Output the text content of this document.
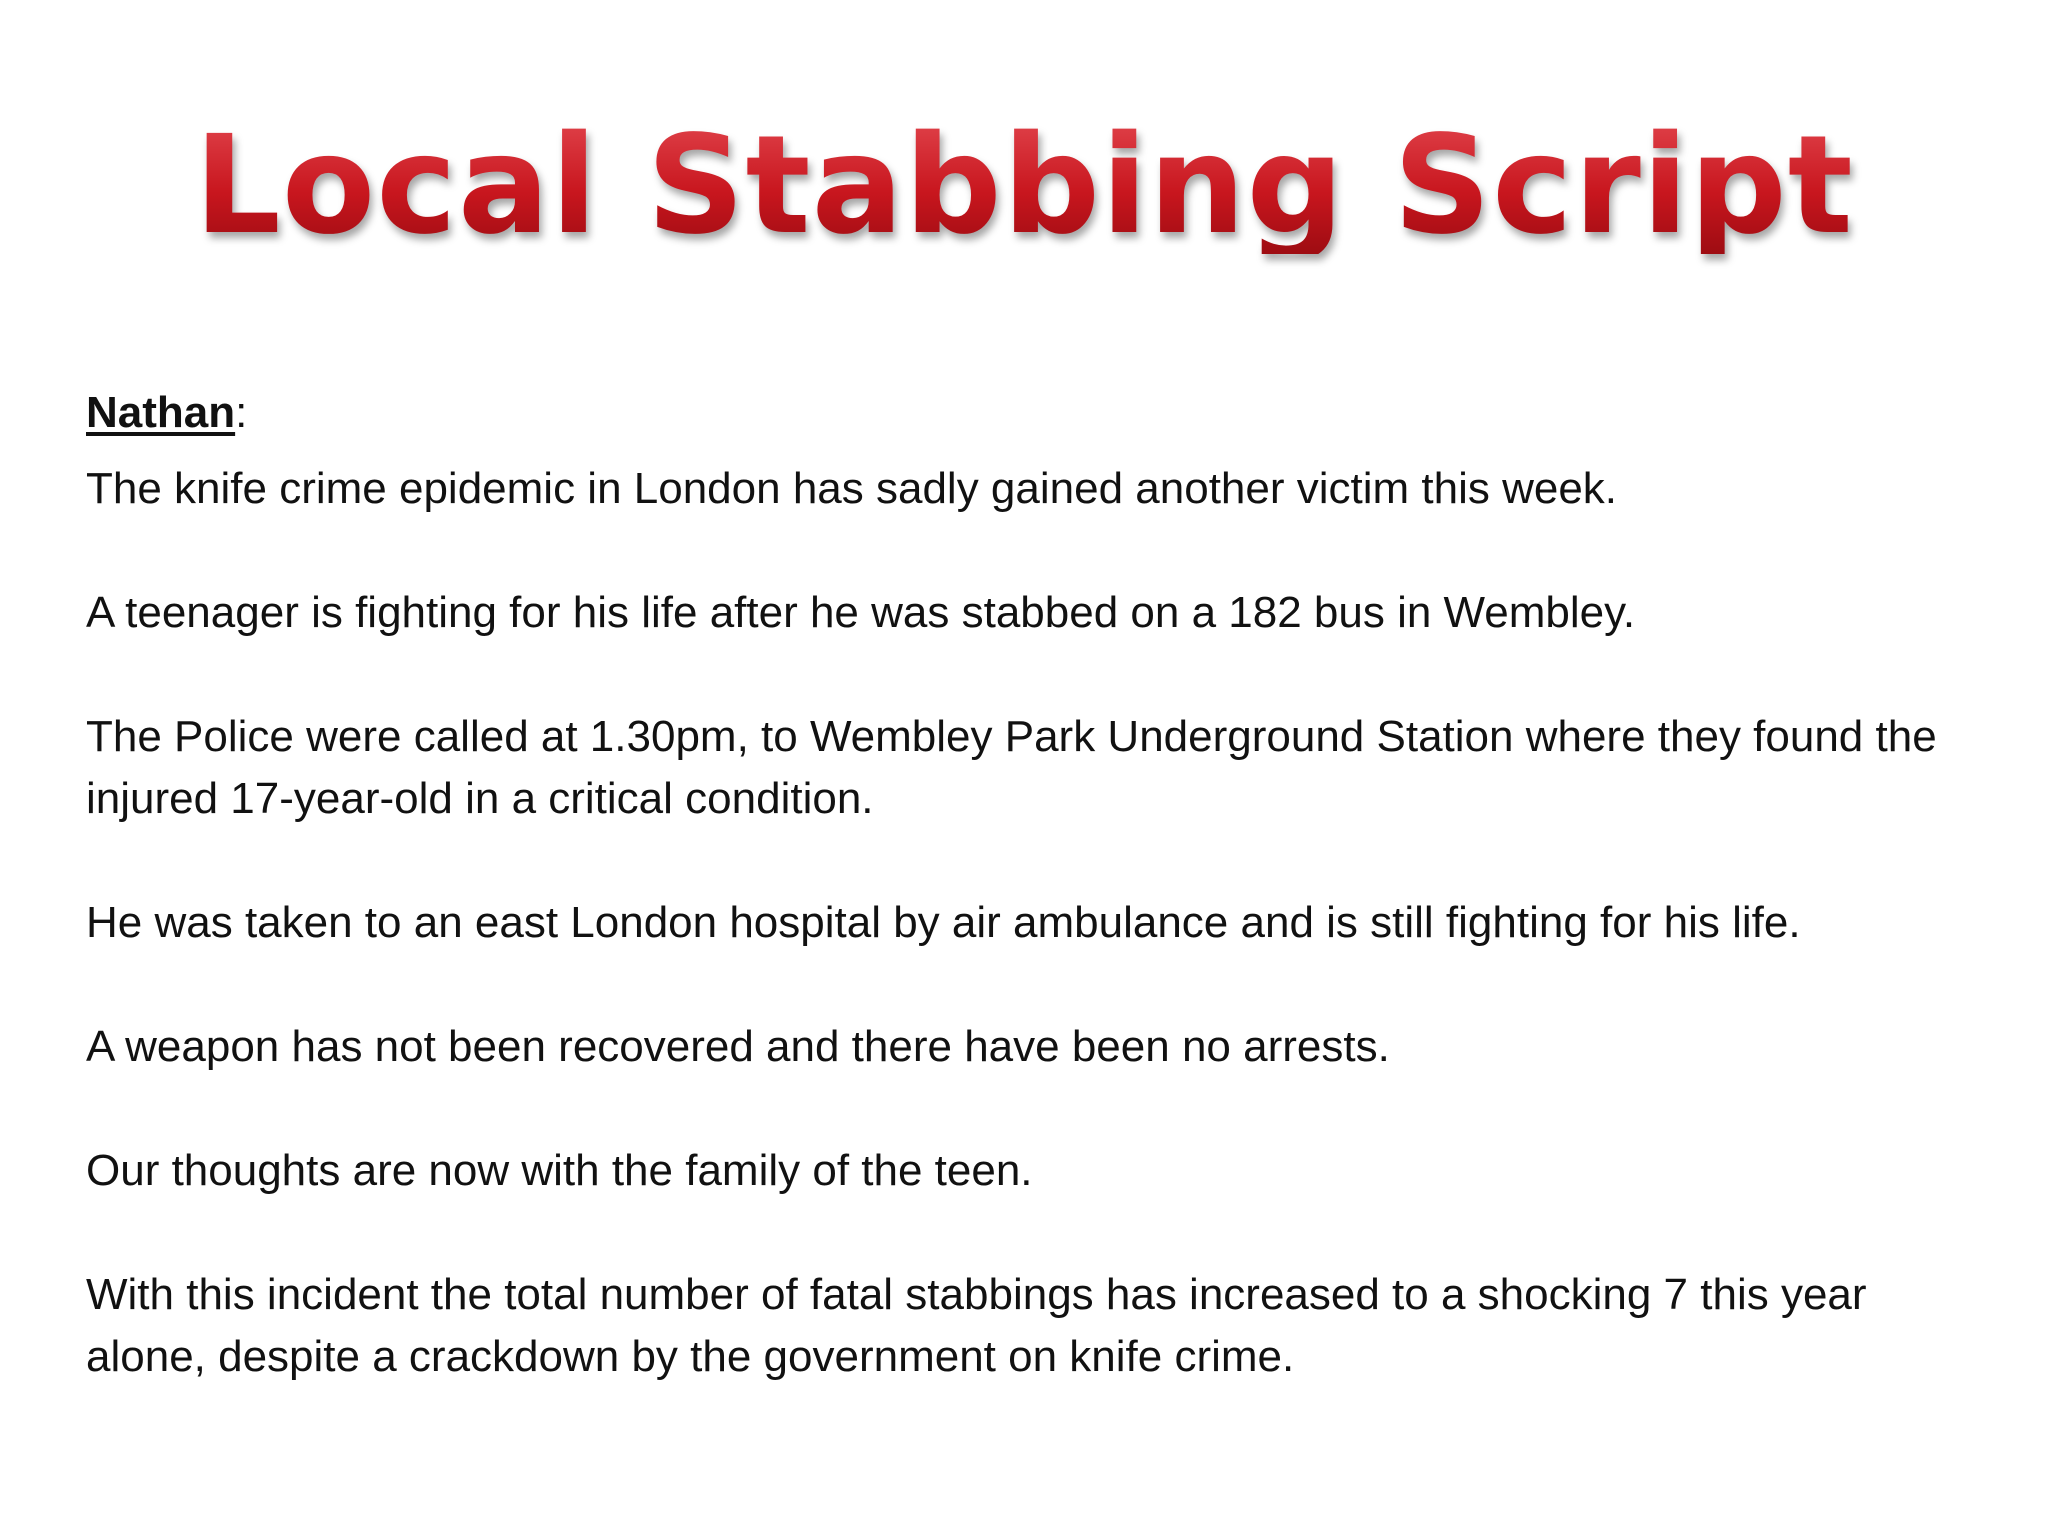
Local Stabbing Script

Nathan:

The knife crime epidemic in London has sadly gained another victim this week.

A teenager is fighting for his life after he was stabbed on a 182 bus in Wembley.

The Police were called at 1.30pm, to Wembley Park Underground Station where they found the injured 17-year-old in a critical condition.

He was taken to an east London hospital by air ambulance and is still fighting for his life.

A weapon has not been recovered and there have been no arrests.

Our thoughts are now with the family of the teen.

With this incident the total number of fatal stabbings has increased to a shocking 7 this year alone, despite a crackdown by the government on knife crime.
